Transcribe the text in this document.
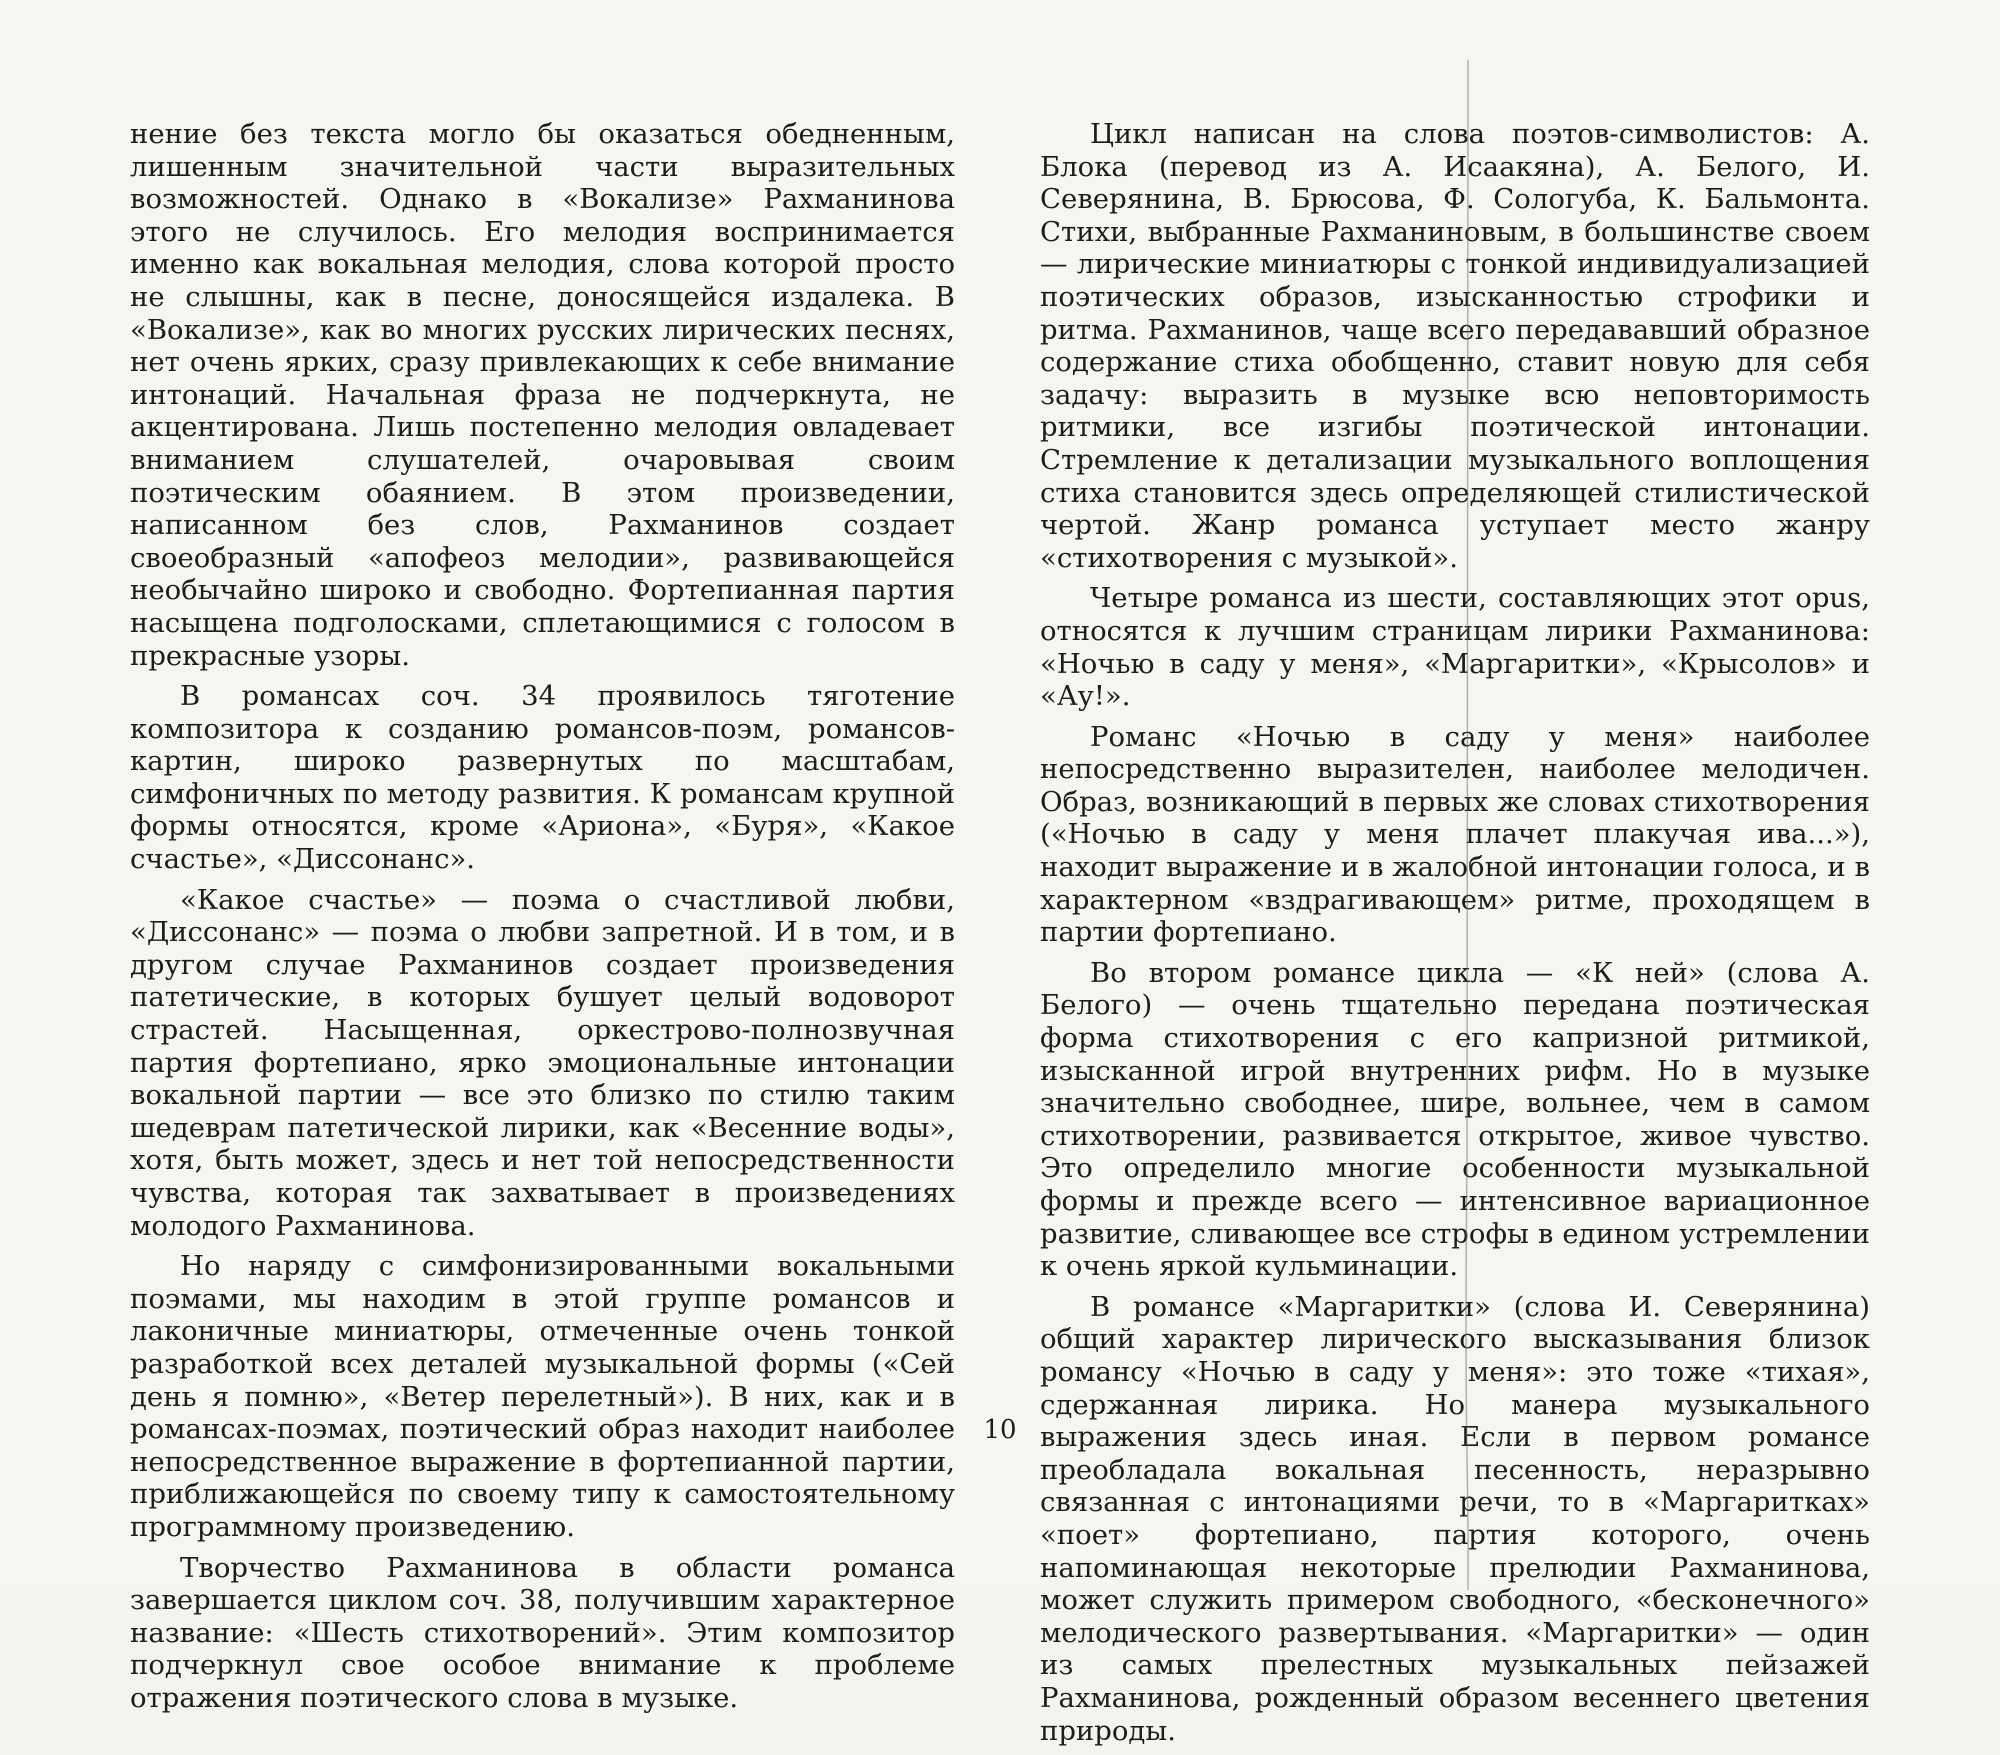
нение без текста могло бы оказаться обедненным, лишенным значительной части выразительных возможностей. Однако в «Вокализе» Рахманинова этого не случилось. Его мелодия воспринимается именно как вокальная мелодия, слова которой просто не слышны, как в песне, доносящейся издалека. В «Вокализе», как во многих русских лирических песнях, нет очень ярких, сразу привлекающих к себе внимание интонаций. Начальная фраза не подчеркнута, не акцентирована. Лишь постепенно мелодия овладевает вниманием слушателей, очаровывая своим поэтическим обаянием. В этом произведении, написанном без слов, Рахманинов создает своеобразный «апофеоз мелодии», развивающейся необычайно широко и свободно. Фортепианная партия насыщена подголосками, сплетающимися с голосом в прекрасные узоры.

В романсах соч. 34 проявилось тяготение композитора к созданию романсов-поэм, романсов-картин, широко развернутых по масштабам, симфоничных по методу развития. К романсам крупной формы относятся, кроме «Ариона», «Буря», «Какое счастье», «Диссонанс».

«Какое счастье» — поэма о счастливой любви, «Диссонанс» — поэма о любви запретной. И в том, и в другом случае Рахманинов создает произведения патетические, в которых бушует целый водоворот страстей. Насыщенная, оркестрово-полнозвучная партия фортепиано, ярко эмоциональные интонации вокальной партии — все это близко по стилю таким шедеврам патетической лирики, как «Весенние воды», хотя, быть может, здесь и нет той непосредственности чувства, которая так захватывает в произведениях молодого Рахманинова.

Но наряду с симфонизированными вокальными поэмами, мы находим в этой группе романсов и лаконичные миниатюры, отмеченные очень тонкой разработкой всех деталей музыкальной формы («Сей день я помню», «Ветер перелетный»). В них, как и в романсах-поэмах, поэтический образ находит наиболее непосредственное выражение в фортепианной партии, приближающейся по своему типу к самостоятельному программному произведению.

Творчество Рахманинова в области романса завершается циклом соч. 38, получившим характерное название: «Шесть стихотворений». Этим композитор подчеркнул свое особое внимание к проблеме отражения поэтического слова в музыке.

Цикл написан на слова поэтов-символистов: А. Блока (перевод из А. Исаакяна), А. Белого, И. Северянина, В. Брюсова, Ф. Сологуба, К. Бальмонта. Стихи, выбранные Рахманиновым, в большинстве своем — лирические миниатюры с тонкой индивидуализацией поэтических образов, изысканностью строфики и ритма. Рахманинов, чаще всего передававший образное содержание стиха обобщенно, ставит новую для себя задачу: выразить в музыке всю неповторимость ритмики, все изгибы поэтической интонации. Стремление к детализации музыкального воплощения стиха становится здесь определяющей стилистической чертой. Жанр романса уступает место жанру «стихотворения с музыкой».

Четыре романса из шести, составляющих этот opus, относятся к лучшим страницам лирики Рахманинова: «Ночью в саду у меня», «Маргаритки», «Крысолов» и «Ау!».

Романс «Ночью в саду у меня» наиболее непосредственно выразителен, наиболее мелодичен. Образ, возникающий в первых же словах стихотворения («Ночью в саду у меня плачет плакучая ива...»), находит выражение и в жалобной интонации голоса, и в характерном «вздрагивающем» ритме, проходящем в партии фортепиано.

Во втором романсе цикла — «К ней» (слова А. Белого) — очень тщательно передана поэтическая форма стихотворения с его капризной ритмикой, изысканной игрой внутренних рифм. Но в музыке значительно свободнее, шире, вольнее, чем в самом стихотворении, развивается открытое, живое чувство. Это определило многие особенности музыкальной формы и прежде всего — интенсивное вариационное развитие, сливающее все строфы в едином устремлении к очень яркой кульминации.

В романсе «Маргаритки» (слова И. Северянина) общий характер лирического высказывания близок романсу «Ночью в саду у меня»: это тоже «тихая», сдержанная лирика. Но манера музыкального выражения здесь иная. Если в первом романсе преобладала вокальная песенность, неразрывно связанная с интонациями речи, то в «Маргаритках» «поет» фортепиано, партия которого, очень напоминающая некоторые прелюдии Рахманинова, может служить примером свободного, «бесконечного» мелодического развертывания. «Маргаритки» — один из самых прелестных музыкальных пейзажей Рахманинова, рожденный образом весеннего цветения природы.

10
